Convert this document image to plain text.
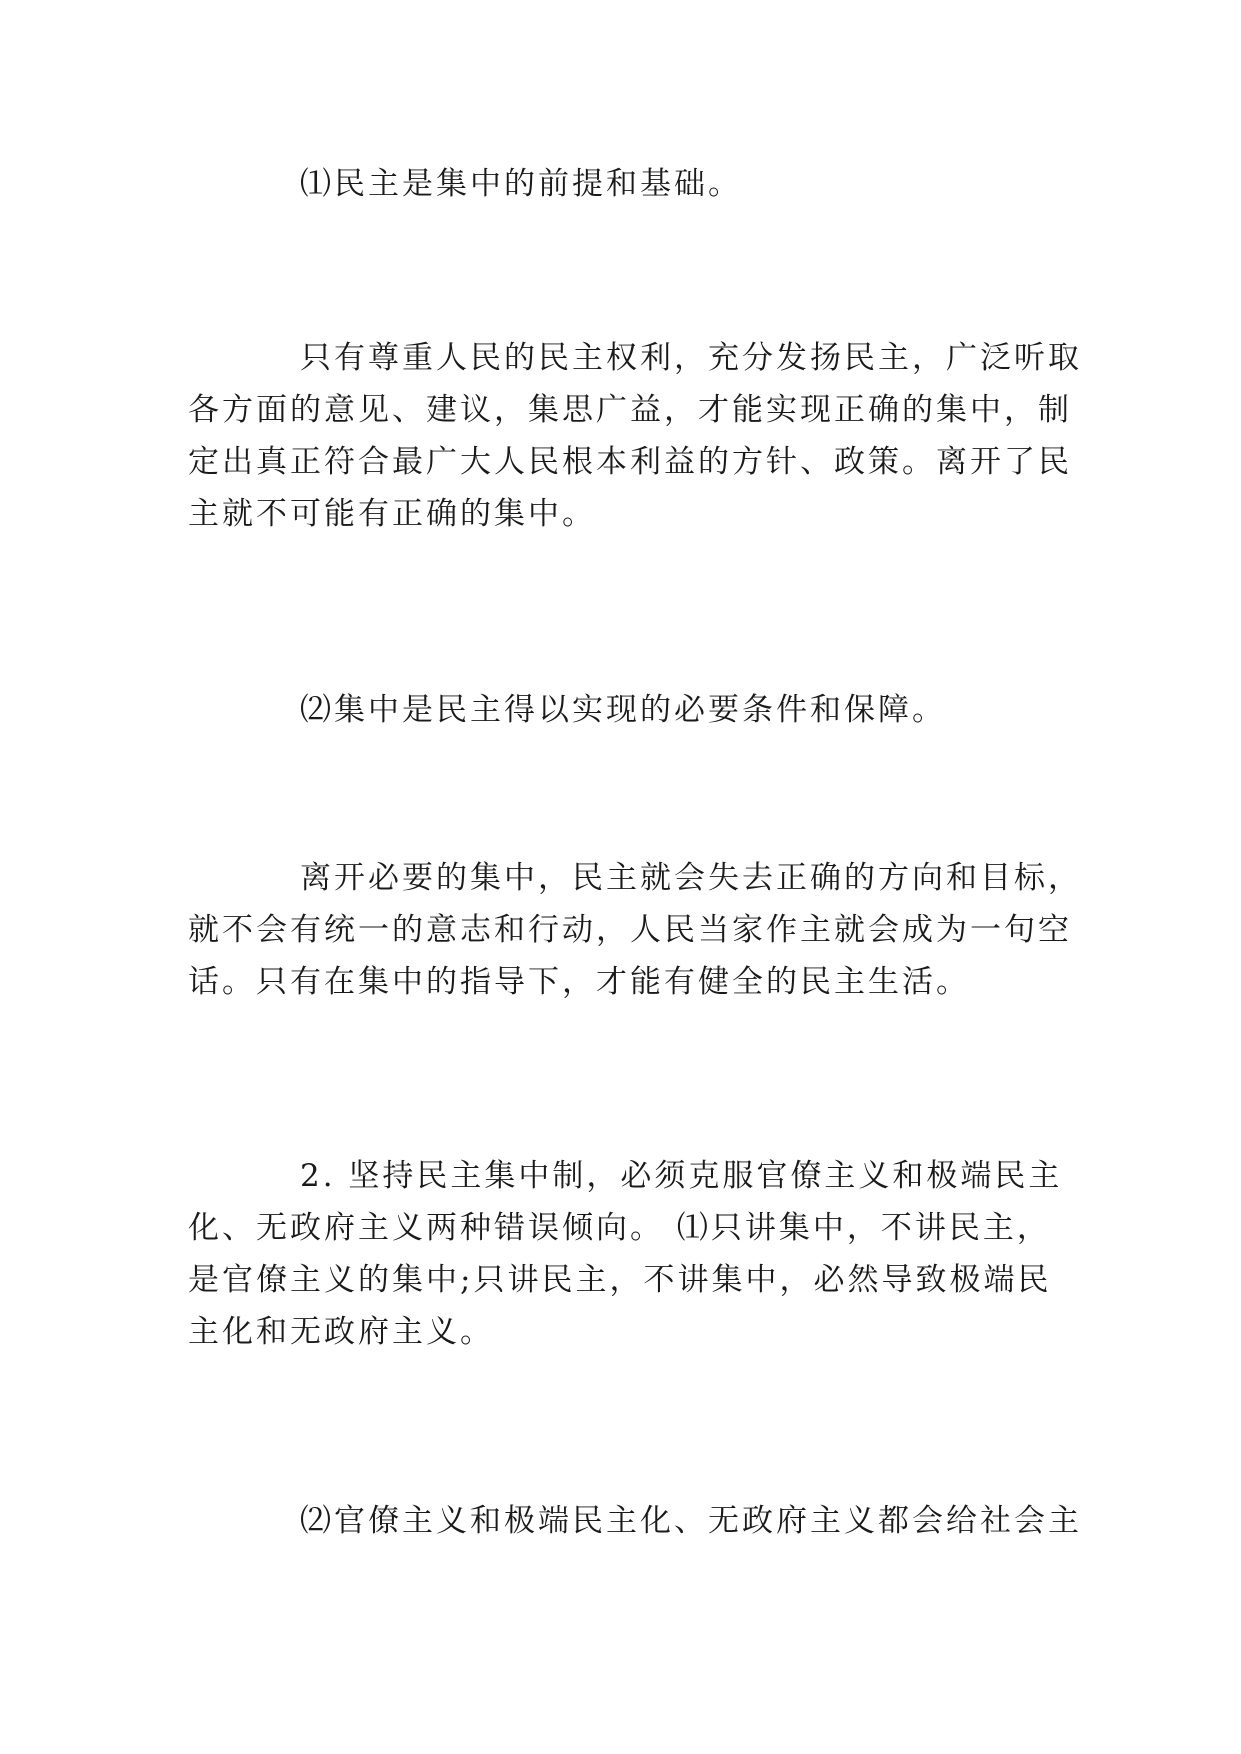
⑴民主是集中的前提和基础。
只有尊重人民的民主权利，充分发扬民主，广泛听取
各方面的意见、建议，集思广益，才能实现正确的集中，制
定出真正符合最广大人民根本利益的方针、政策。离开了民
主就不可能有正确的集中。
⑵集中是民主得以实现的必要条件和保障。
离开必要的集中，民主就会失去正确的方向和目标，
就不会有统一的意志和行动，人民当家作主就会成为一句空
话。只有在集中的指导下，才能有健全的民主生活。
2. 坚持民主集中制，必须克服官僚主义和极端民主
化、无政府主义两种错误倾向。 ⑴只讲集中，不讲民主，
是官僚主义的集中;只讲民主，不讲集中，必然导致极端民
主化和无政府主义。
⑵官僚主义和极端民主化、无政府主义都会给社会主
